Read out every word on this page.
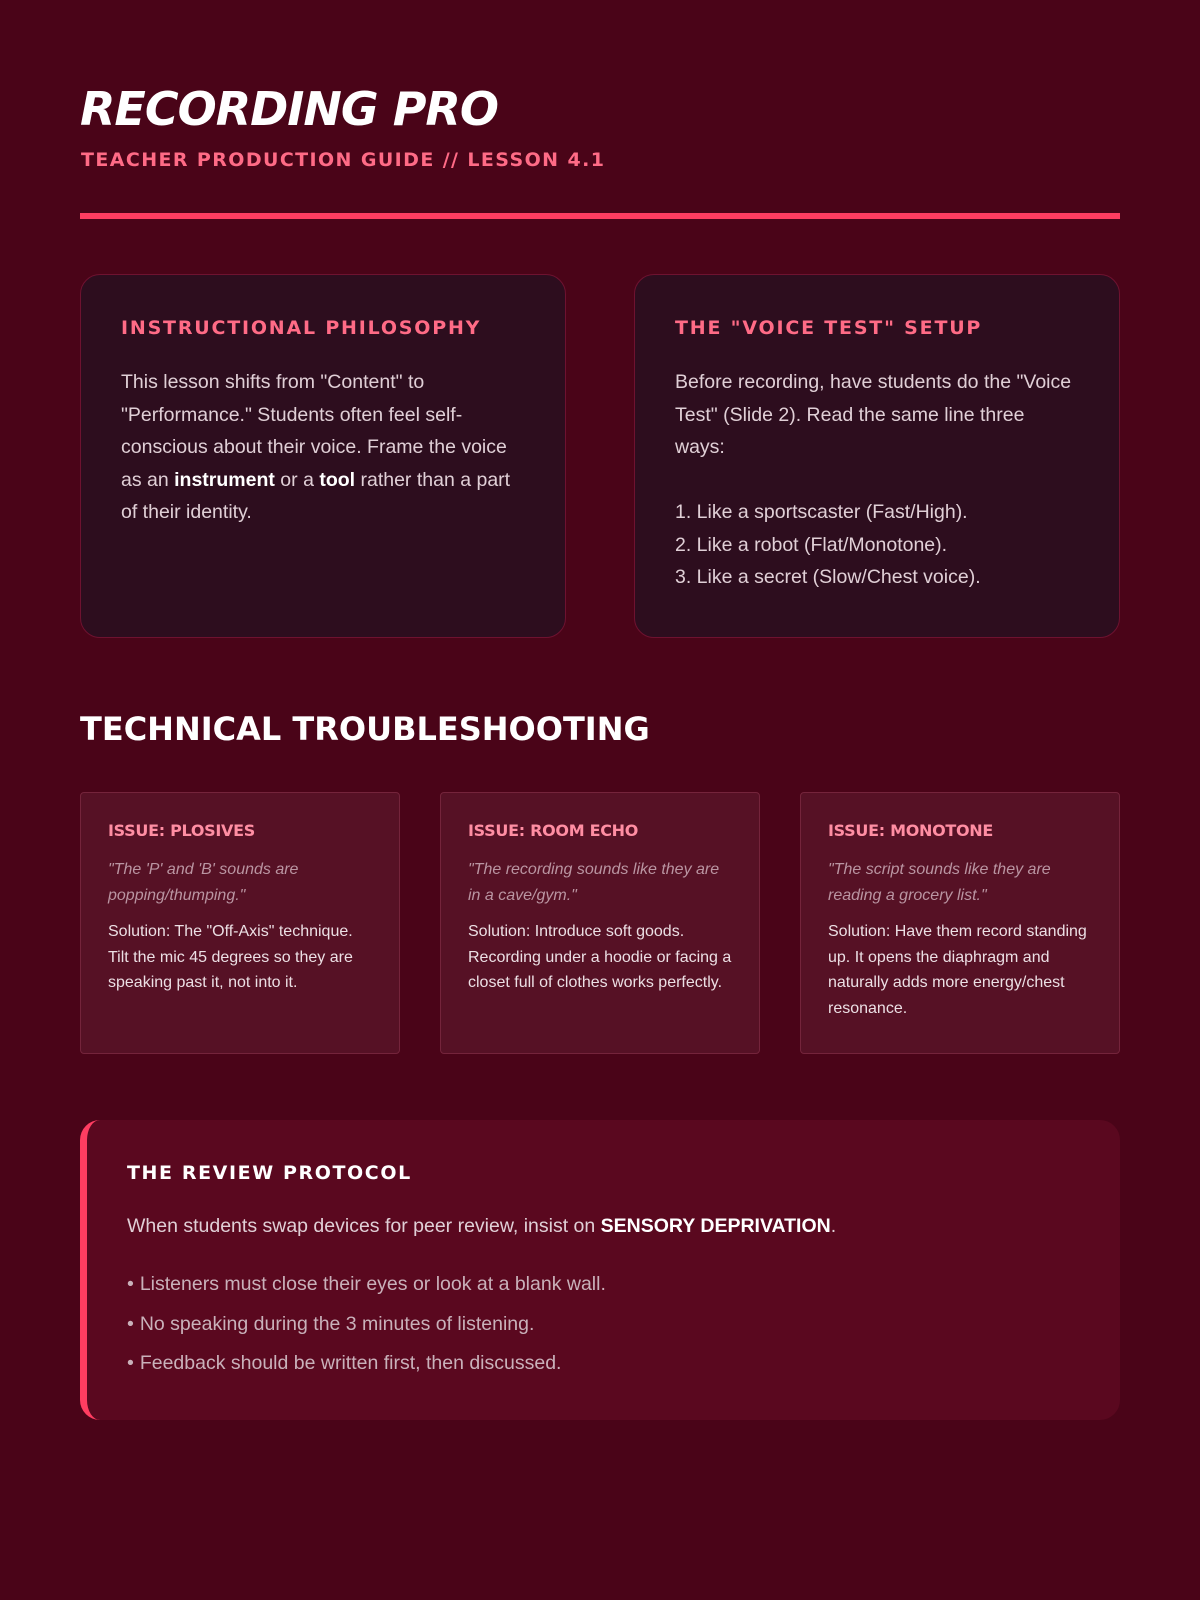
RECORDING PRO
TEACHER PRODUCTION GUIDE // LESSON 4.1
INSTRUCTIONAL PHILOSOPHY

This lesson shifts from "Content" to "Performance." Students often feel self-conscious about their voice. Frame the voice as an instrument or a tool rather than a part of their identity.

THE "VOICE TEST" SETUP

Before recording, have students do the "Voice Test" (Slide 2). Read the same line three ways:

1. Like a sportscaster (Fast/High).
2. Like a robot (Flat/Monotone).
3. Like a secret (Slow/Chest voice).
TECHNICAL TROUBLESHOOTING
ISSUE: PLOSIVES
"The 'P' and 'B' sounds are popping/thumping."
Solution: The "Off-Axis" technique. Tilt the mic 45 degrees so they are speaking past it, not into it.
ISSUE: ROOM ECHO
"The recording sounds like they are in a cave/gym."
Solution: Introduce soft goods. Recording under a hoodie or facing a closet full of clothes works perfectly.
ISSUE: MONOTONE
"The script sounds like they are reading a grocery list."
Solution: Have them record standing up. It opens the diaphragm and naturally adds more energy/chest resonance.
THE REVIEW PROTOCOL

When students swap devices for peer review, insist on SENSORY DEPRIVATION.

• Listeners must close their eyes or look at a blank wall.
• No speaking during the 3 minutes of listening.
• Feedback should be written first, then discussed.
